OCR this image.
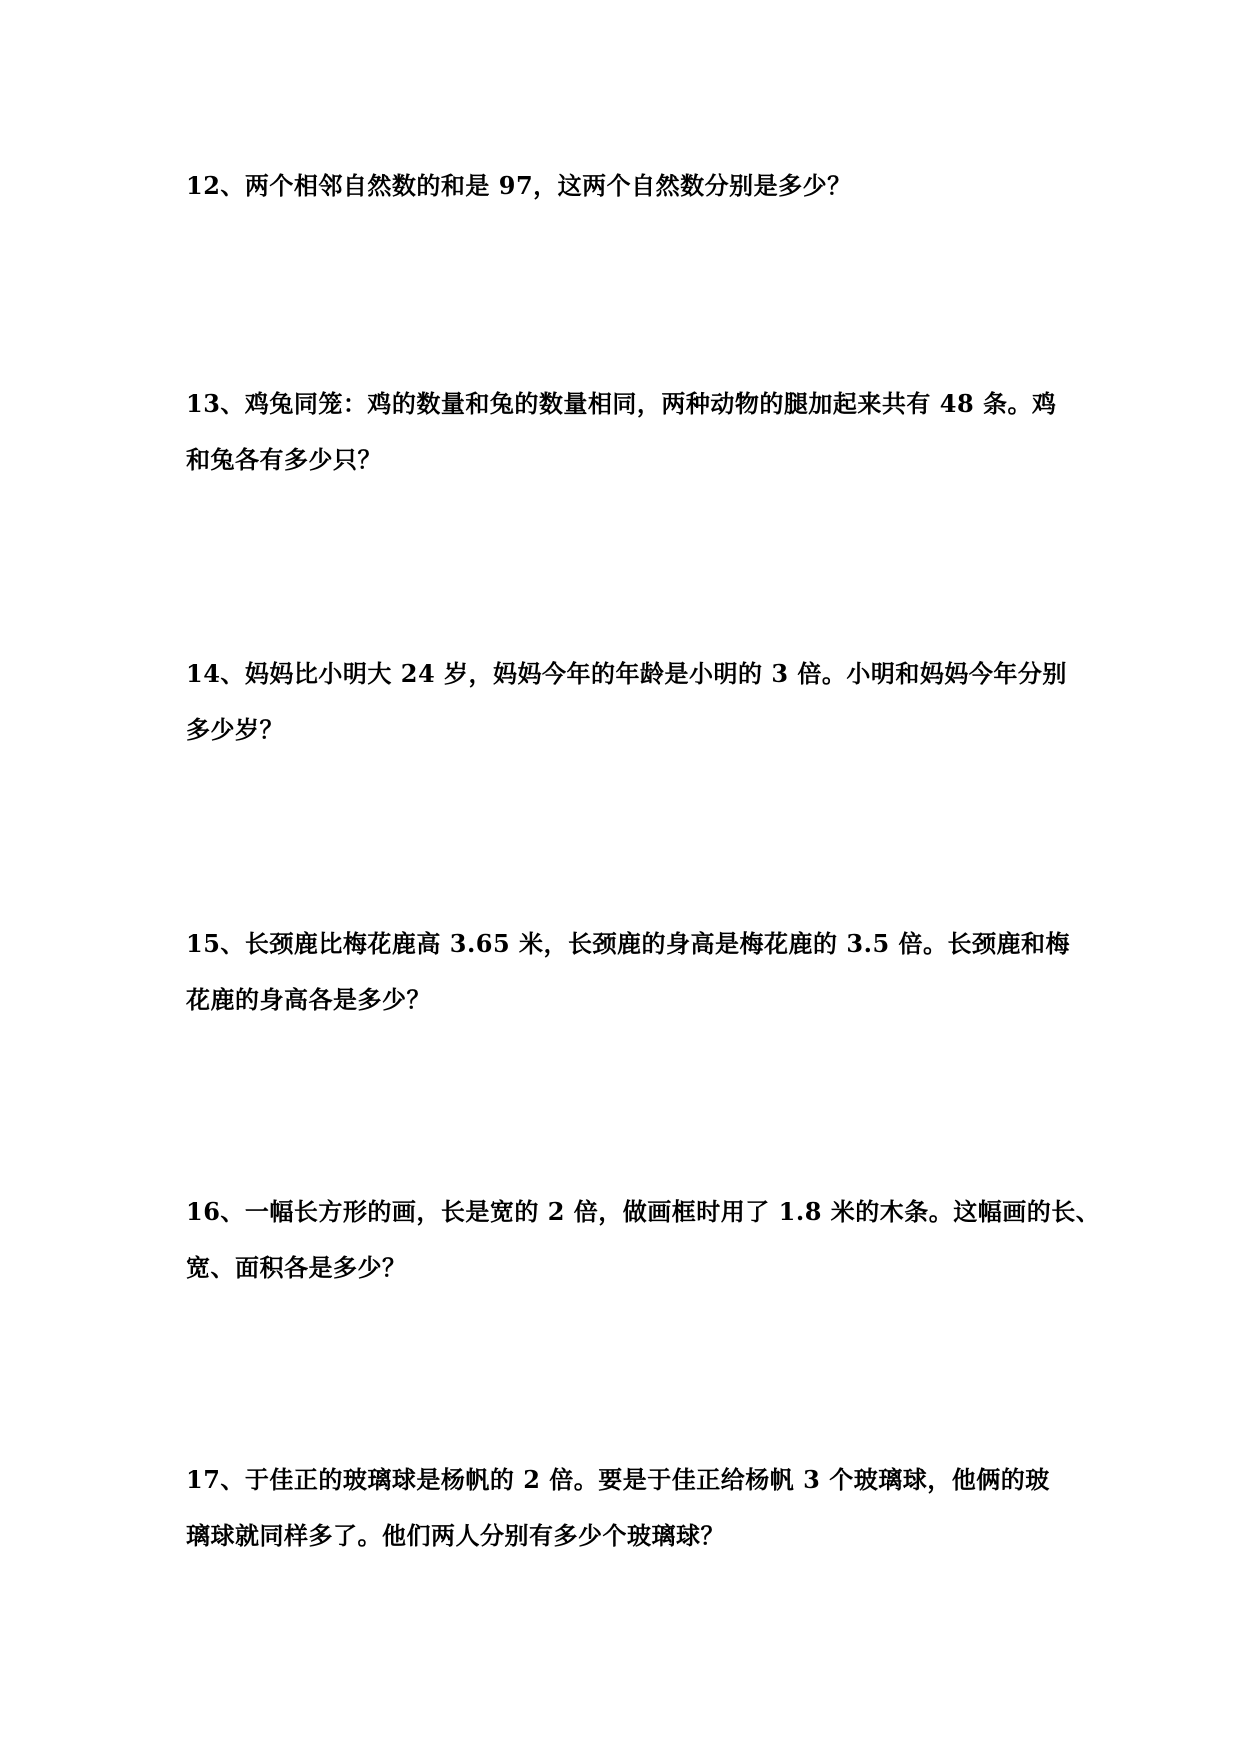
12、两个相邻自然数的和是 97，这两个自然数分别是多少？
13、鸡兔同笼：鸡的数量和兔的数量相同，两种动物的腿加起来共有 48 条。鸡
和兔各有多少只？
14、妈妈比小明大 24 岁，妈妈今年的年龄是小明的 3 倍。小明和妈妈今年分别
多少岁？
15、长颈鹿比梅花鹿高 3.65 米，长颈鹿的身高是梅花鹿的 3.5 倍。长颈鹿和梅
花鹿的身高各是多少？
16、一幅长方形的画，长是宽的 2 倍，做画框时用了 1.8 米的木条。这幅画的长、
宽、面积各是多少？
17、于佳正的玻璃球是杨帆的 2 倍。要是于佳正给杨帆 3 个玻璃球，他俩的玻
璃球就同样多了。他们两人分别有多少个玻璃球？
